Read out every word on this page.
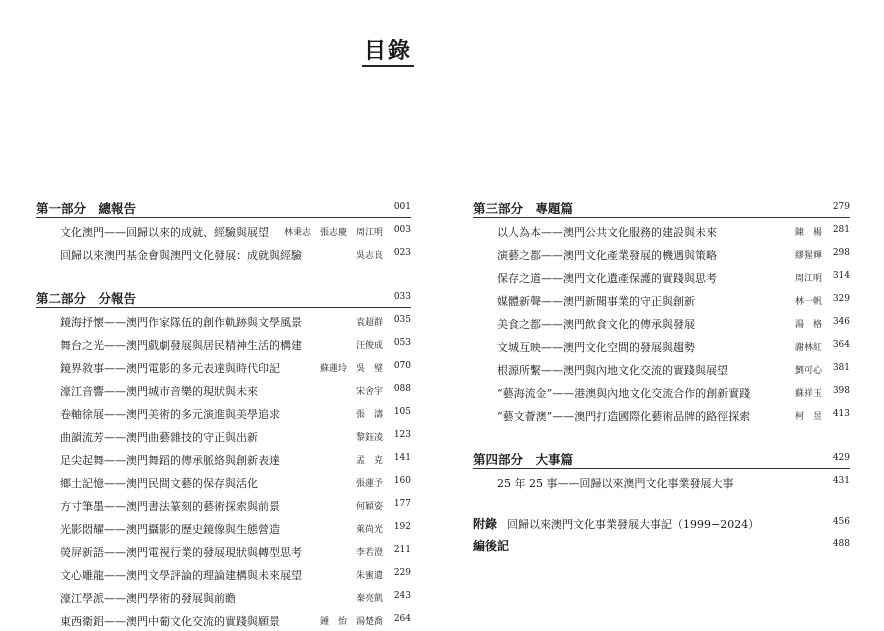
目錄
第一部分　總報告	001
文化澳門——回歸以來的成就、經驗與展望 林秉志　張志慶　周江明 003
回歸以來澳門基金會與澳門文化發展：成就與經驗	吳志良 023
第二部分　分報告	033
鏡海抒懷——澳門作家隊伍的創作軌跡與文學風景	袁超群 035
舞台之光——澳門戲劇發展與居民精神生活的構建	汪俊成 053
鏡界敘事——澳門電影的多元表達與時代印記	蘇蓮玲　吳　璧 070
濠江音響——澳門城市音樂的現狀與未來	宋舍宇 088
卷軸徐展——澳門美術的多元演進與美學追求	張　濤 105
曲韻流芳——澳門曲藝雜技的守正與出新	黎鈺凌 123
足尖起舞——澳門舞蹈的傳承脈絡與創新表達	孟　克 141
鄉土記憶——澳門民間文藝的保存與活化	張蓮予 160
方寸筆墨——澳門書法篆刻的藝術探索與前景	何穎姿 177
光影悶耀——澳門攝影的歷史鏡像與生態營造	萊尚光 192
熒屏新語——澳門電視行業的發展現狀與轉型思考	李若澄 211
文心雕龍——澳門文學評論的理論建構與未來展望	朱蜜遺 229
濠江學派——澳門學術的發展與前瞻	秦亮凱 243
東西衛鋁——澳門中葡文化交流的實踐與願景	鍾　怡　湯楚喬 264
第三部分　專題篇	279
以人為本——澳門公共文化服務的建設與未來	陳　楊 281
演藝之都——澳門文化產業發展的機遇與策略	繆猩輝 298
保存之道——澳門文化遺產保護的實踐與思考	周江明 314
媒體新聲——澳門新聞事業的守正與創新	林一帆 329
美食之都——澳門飲食文化的傳承與發展	湯　格 346
文城互映——澳門文化空間的發展與趨勢	謝林紅 364
根源所繫——澳門與內地文化交流的實踐與展望	劉可心 381
“藝海流金”——港澳與內地文化交流合作的創新實踐	蘇祥玉 398
“藝文薈澳”——澳門打造國際化藝術品牌的路徑探索	柯　昱 413
第四部分　大事篇	429
25 年 25 事——回歸以來澳門文化事業發展大事	431
附錄 回歸以來澳門文化事業發展大事記（1999−2024）	456
編後記	488
